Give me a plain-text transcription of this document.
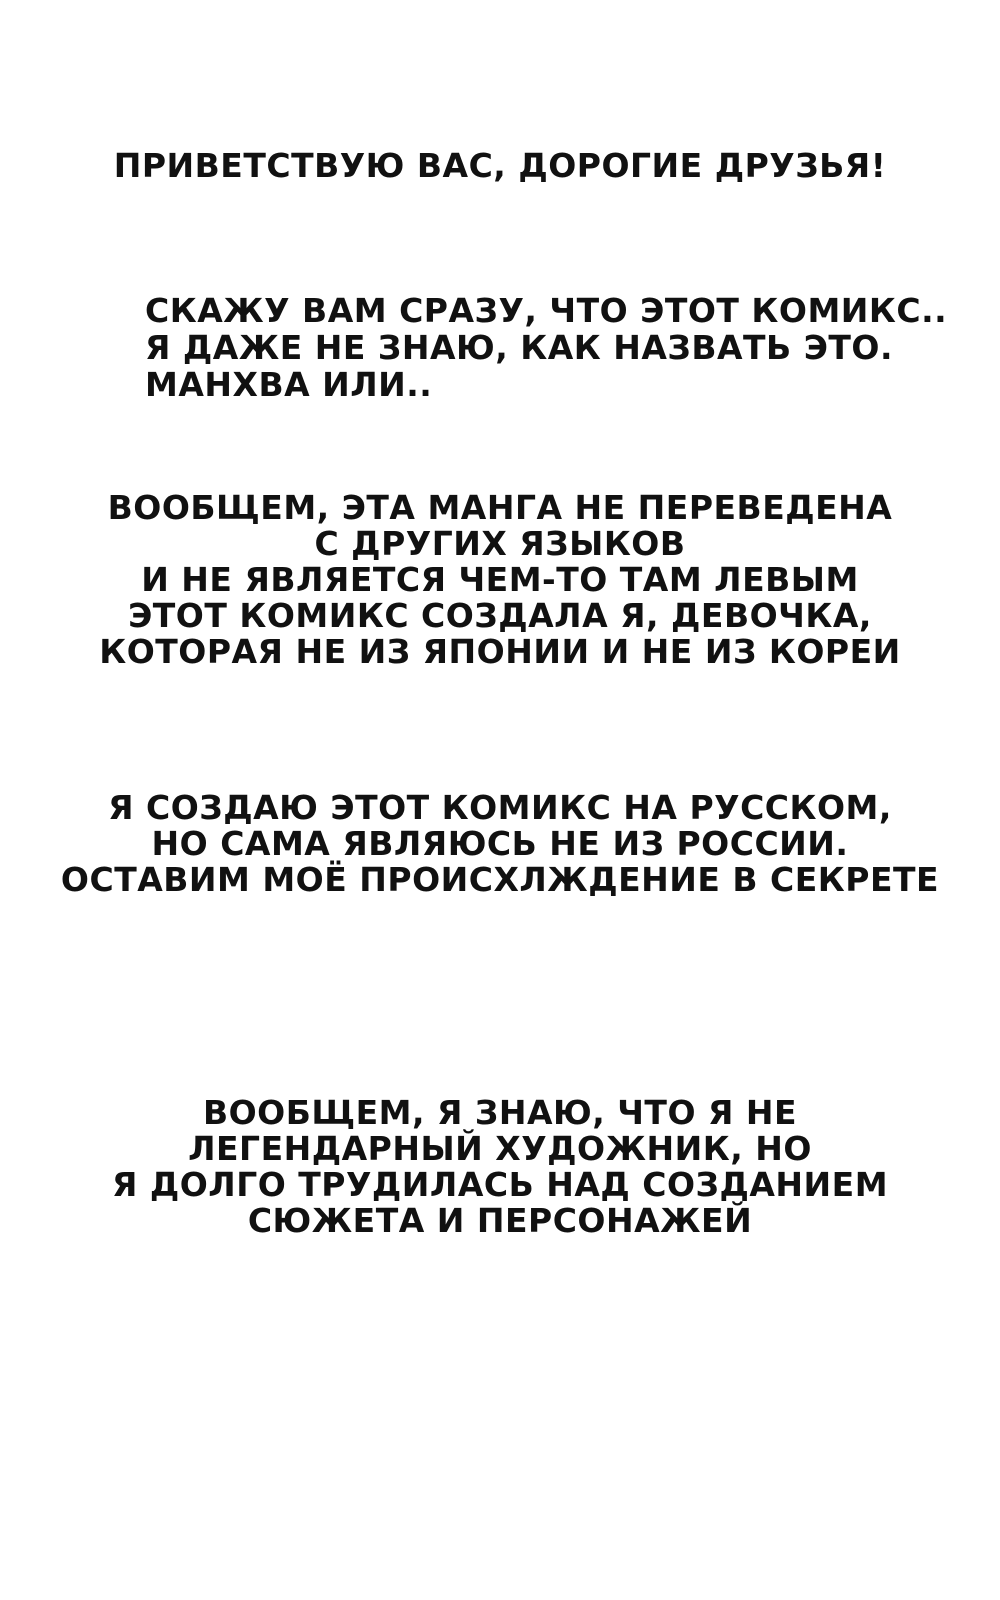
ПРИВЕТСТВУЮ ВАС, ДОРОГИЕ ДРУЗЬЯ!
СКАЖУ ВАМ СРАЗУ, ЧТО ЭТОТ КОМИКС..
Я ДАЖЕ НЕ ЗНАЮ, КАК НАЗВАТЬ ЭТО.
МАНХВА ИЛИ..
ВООБЩЕМ, ЭТА МАНГА НЕ ПЕРЕВЕДЕНА
С ДРУГИХ ЯЗЫКОВ
И НЕ ЯВЛЯЕТСЯ ЧЕМ-ТО ТАМ ЛЕВЫМ
ЭТОТ КОМИКС СОЗДАЛА Я, ДЕВОЧКА,
КОТОРАЯ НЕ ИЗ ЯПОНИИ И НЕ ИЗ КОРЕИ
Я СОЗДАЮ ЭТОТ КОМИКС НА РУССКОМ,
НО САМА ЯВЛЯЮСЬ НЕ ИЗ РОССИИ.
ОСТАВИМ МОЁ ПРОИСХЛЖДЕНИЕ В СЕКРЕТЕ
ВООБЩЕМ, Я ЗНАЮ, ЧТО Я НЕ
ЛЕГЕНДАРНЫЙ ХУДОЖНИК, НО
Я ДОЛГО ТРУДИЛАСЬ НАД СОЗДАНИЕМ
СЮЖЕТА И ПЕРСОНАЖЕЙ
